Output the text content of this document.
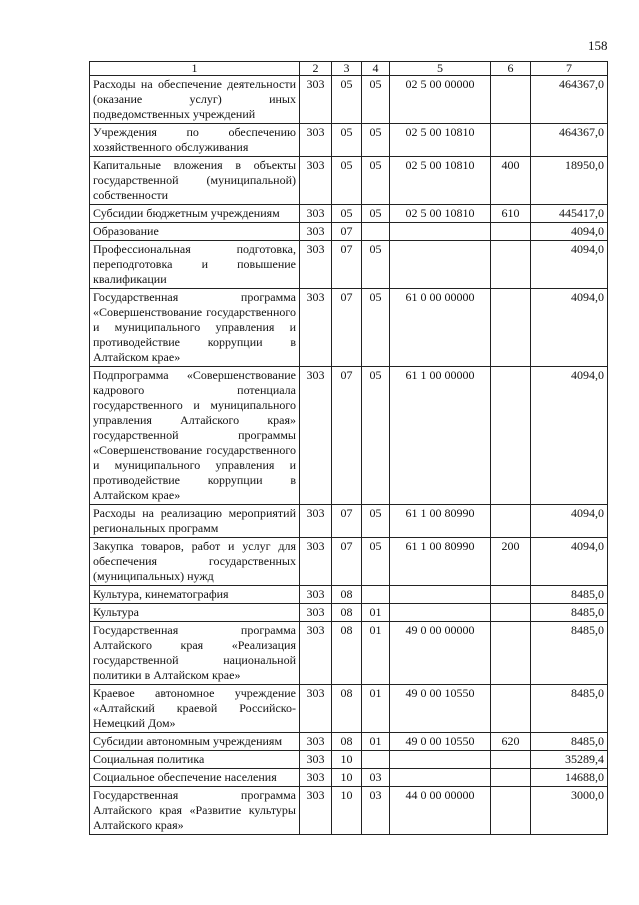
158
1	2	3	4	5	6	7
Расходы на обеспечение деятельности (оказание услуг) иных подведомственных учреждений	303	05	05	02 5 00 00000		464367,0
Учреждения по обеспечению хозяйственного обслуживания	303	05	05	02 5 00 10810		464367,0
Капитальные вложения в объекты государственной (муниципальной) собственности	303	05	05	02 5 00 10810	400	18950,0
Субсидии бюджетным учреждениям	303	05	05	02 5 00 10810	610	445417,0
Образование	303	07				4094,0
Профессиональная подготовка, переподготовка и повышение квалификации	303	07	05			4094,0
Государственная программа «Совершенствование государственного и муниципального управления и противодействие коррупции в Алтайском крае»	303	07	05	61 0 00 00000		4094,0
Подпрограмма «Совершенствование кадрового потенциала государственного и муниципального управления Алтайского края» государственной программы «Совершенствование государственного и муниципального управления и противодействие коррупции в Алтайском крае»	303	07	05	61 1 00 00000		4094,0
Расходы на реализацию мероприятий региональных программ	303	07	05	61 1 00 80990		4094,0
Закупка товаров, работ и услуг для обеспечения государственных (муниципальных) нужд	303	07	05	61 1 00 80990	200	4094,0
Культура, кинематография	303	08				8485,0
Культура	303	08	01			8485,0
Государственная программа Алтайского края «Реализация государственной национальной политики в Алтайском крае»	303	08	01	49 0 00 00000		8485,0
Краевое автономное учреждение «Алтайский краевой Российско-Немецкий Дом»	303	08	01	49 0 00 10550		8485,0
Субсидии автономным учреждениям	303	08	01	49 0 00 10550	620	8485,0
Социальная политика	303	10				35289,4
Социальное обеспечение населения	303	10	03			14688,0
Государственная программа Алтайского края «Развитие культуры Алтайского края»	303	10	03	44 0 00 00000		3000,0
